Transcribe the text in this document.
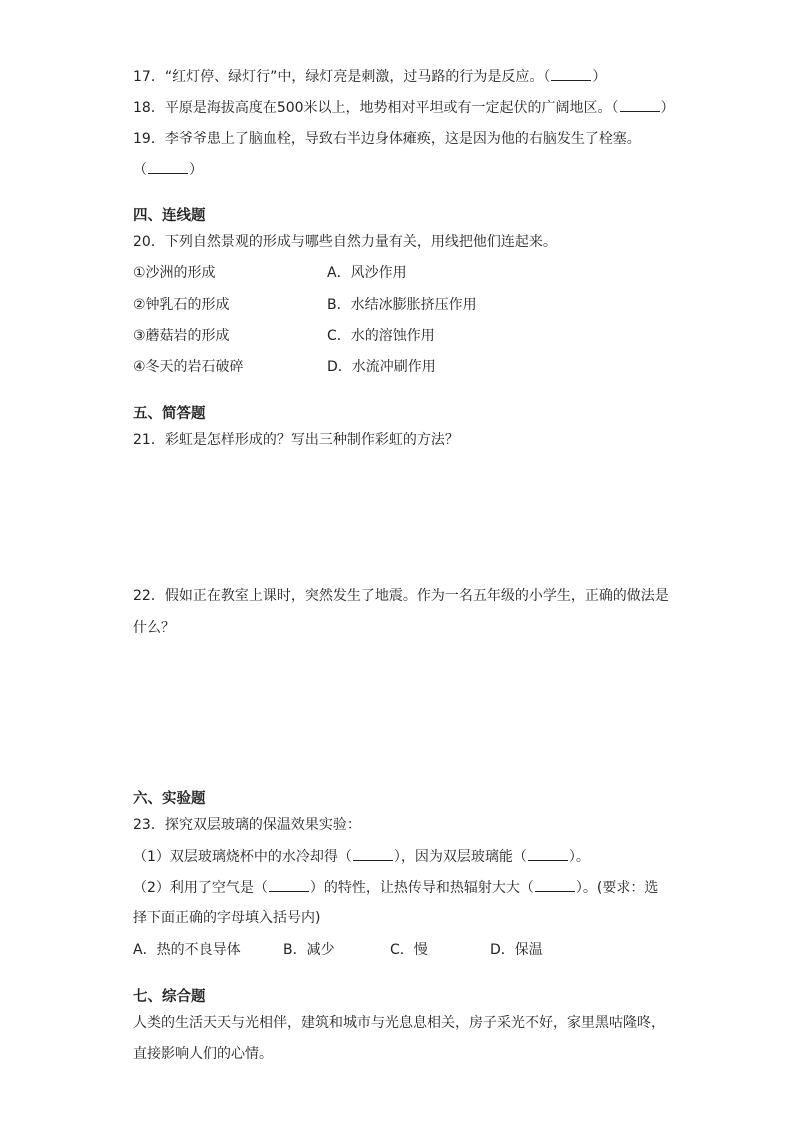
17．“红灯停、绿灯行”中，绿灯亮是刺激，过马路的行为是反应。（	）
18．平原是海拔高度在500米以上，地势相对平坦或有一定起伏的广阔地区。（	）
19．李爷爷患上了脑血栓，导致右半边身体瘫痪，这是因为他的右脑发生了栓塞。
（	）
四、连线题
20．下列自然景观的形成与哪些自然力量有关，用线把他们连起来。
①沙洲的形成	A．风沙作用
②钟乳石的形成	B．水结冰膨胀挤压作用
③蘑菇岩的形成	C．水的溶蚀作用
④冬天的岩石破碎	D．水流冲刷作用
五、简答题
21．彩虹是怎样形成的？写出三种制作彩虹的方法？
22．假如正在教室上课时，突然发生了地震。作为一名五年级的小学生，正确的做法是
什么？
六、实验题
23．探究双层玻璃的保温效果实验：
（1）双层玻璃烧杯中的水冷却得（	），因为双层玻璃能（	）。
（2）利用了空气是（	）的特性，让热传导和热辐射大大（	）。(要求：选
择下面正确的字母填入括号内)
A．热的不良导体	B．减少	C．慢	D．保温
七、综合题
人类的生活天天与光相伴，建筑和城市与光息息相关，房子采光不好，家里黑咕隆咚，
直接影响人们的心情。
